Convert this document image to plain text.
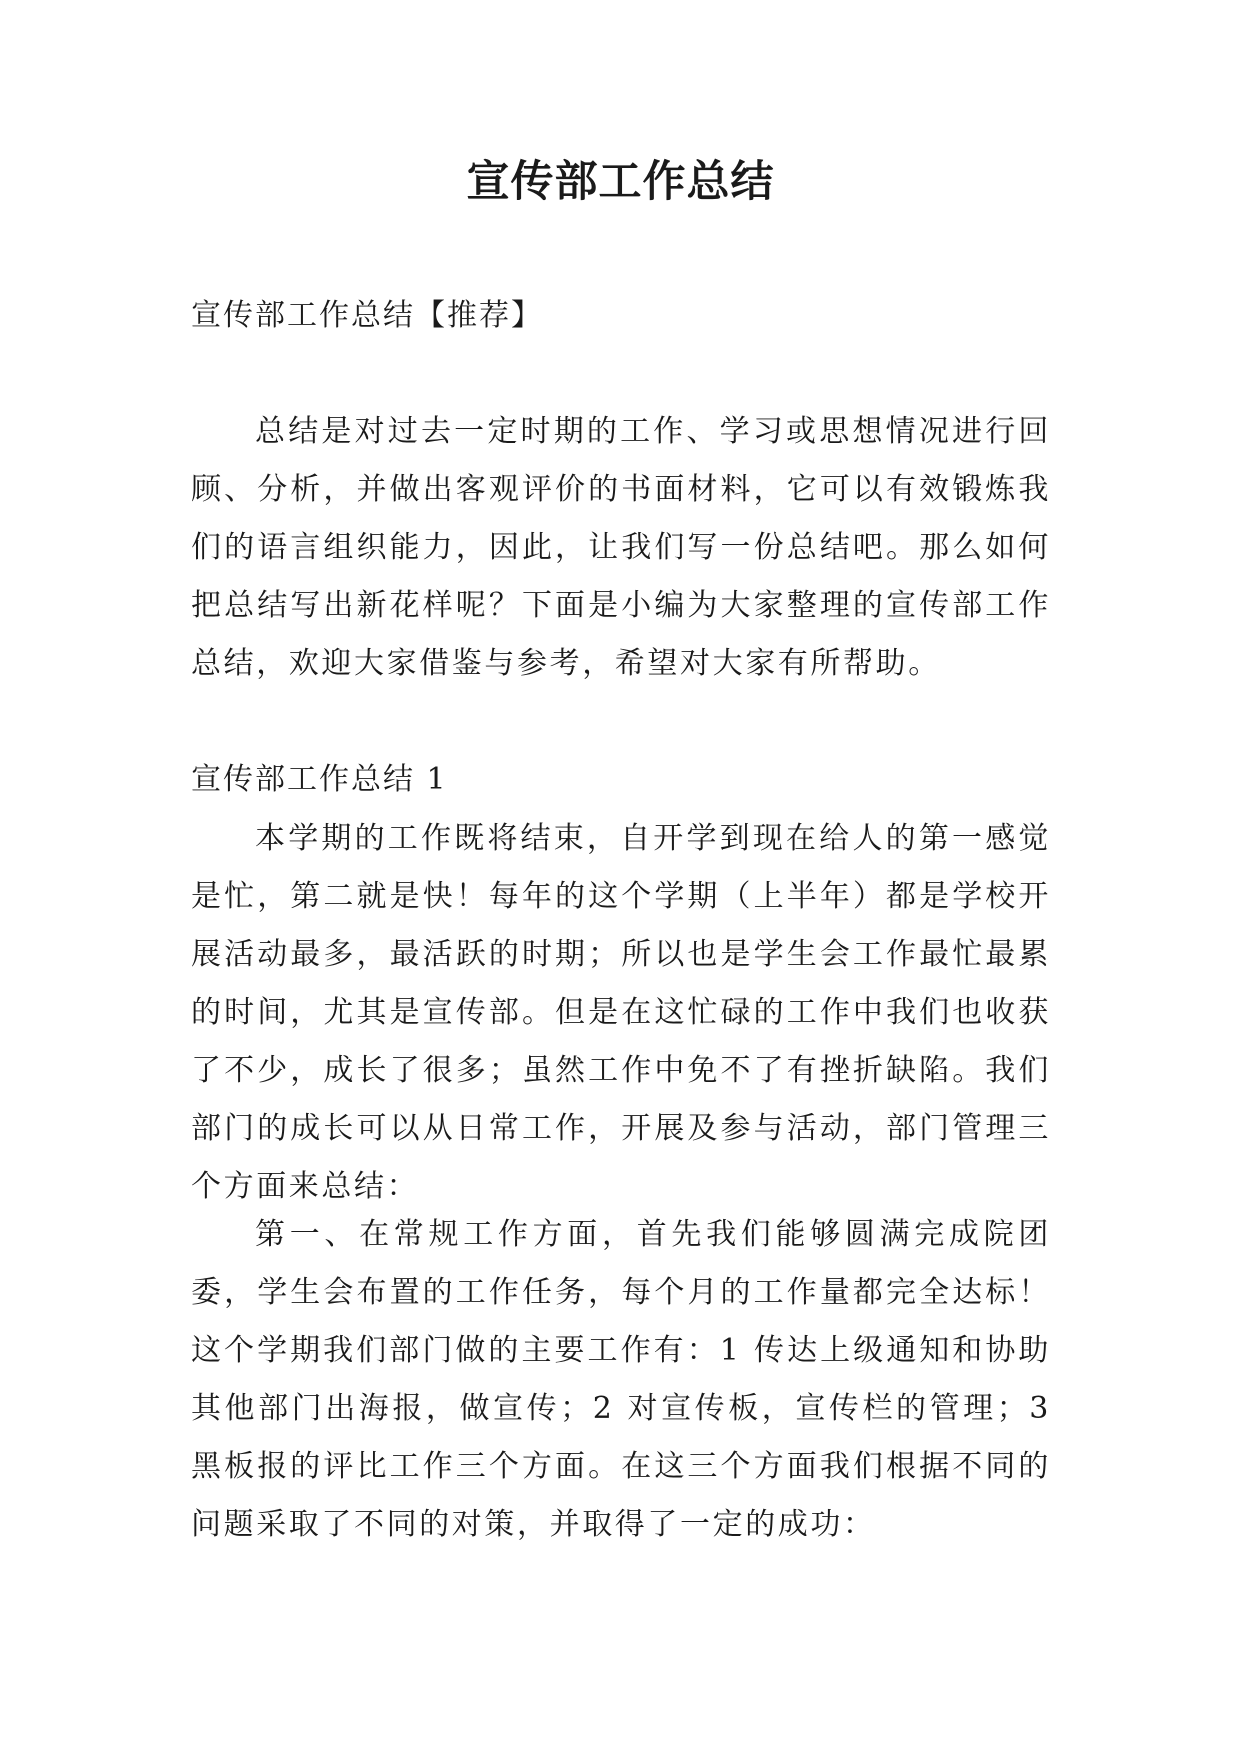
宣传部工作总结

宣传部工作总结【推荐】

总结是对过去一定时期的工作、学习或思想情况进行回顾、分析，并做出客观评价的书面材料，它可以有效锻炼我们的语言组织能力，因此，让我们写一份总结吧。那么如何把总结写出新花样呢？下面是小编为大家整理的宣传部工作总结，欢迎大家借鉴与参考，希望对大家有所帮助。

宣传部工作总结 1

本学期的工作既将结束，自开学到现在给人的第一感觉是忙，第二就是快！每年的这个学期（上半年）都是学校开展活动最多，最活跃的时期；所以也是学生会工作最忙最累的时间，尤其是宣传部。但是在这忙碌的工作中我们也收获了不少，成长了很多；虽然工作中免不了有挫折缺陷。我们部门的成长可以从日常工作，开展及参与活动，部门管理三个方面来总结：

第一、在常规工作方面，首先我们能够圆满完成院团委，学生会布置的工作任务，每个月的工作量都完全达标！这个学期我们部门做的主要工作有：1 传达上级通知和协助其他部门出海报，做宣传；2 对宣传板，宣传栏的管理；3 黑板报的评比工作三个方面。在这三个方面我们根据不同的问题采取了不同的对策，并取得了一定的成功：
